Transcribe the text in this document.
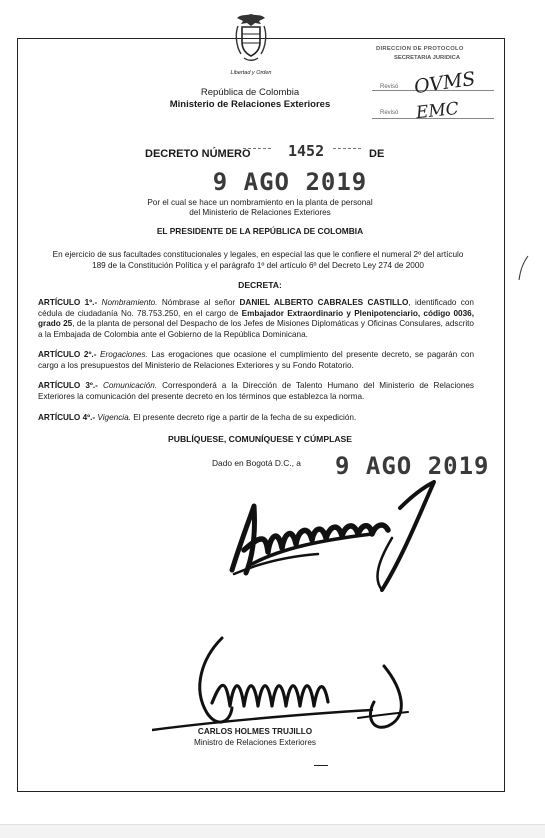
Libertad y Orden
República de Colombia
Ministerio de Relaciones Exteriores
DIRECCION DE PROTOCOLO
SECRETARIA JURIDICA
Revisó OVMS
Revisó EMC
DECRETO NÚMERO 1452	DE
9 AGO 2019
Por el cual se hace un nombramiento en la planta de personal
del Ministerio de Relaciones Exteriores
EL PRESIDENTE DE LA REPÚBLICA DE COLOMBIA
En ejercicio de sus facultades constitucionales y legales, en especial las que le confiere el numeral 2º del artículo 189 de la Constitución Política y el parágrafo 1º del artículo 6º del Decreto Ley 274 de 2000
DECRETA:
ARTÍCULO 1º.- Nombramiento. Nómbrase al señor DANIEL ALBERTO CABRALES CASTILLO, identificado con cédula de ciudadanía No. 78.753.250, en el cargo de Embajador Extraordinario y Plenipotenciario, código 0036, grado 25, de la planta de personal del Despacho de los Jefes de Misiones Diplomáticas y Oficinas Consulares, adscrito a la Embajada de Colombia ante el Gobierno de la República Dominicana.
ARTÍCULO 2º.- Erogaciones. Las erogaciones que ocasione el cumplimiento del presente decreto, se pagarán con cargo a los presupuestos del Ministerio de Relaciones Exteriores y su Fondo Rotatorio.
ARTÍCULO 3º.- Comunicación. Corresponderá a la Dirección de Talento Humano del Ministerio de Relaciones Exteriores la comunicación del presente decreto en los términos que establezca la norma.
ARTÍCULO 4º.- Vigencia. El presente decreto rige a partir de la fecha de su expedición.
PUBLÍQUESE, COMUNÍQUESE Y CÚMPLASE
Dado en Bogotá D.C., a 9 AGO 2019
CARLOS HOLMES TRUJILLO
Ministro de Relaciones Exteriores
